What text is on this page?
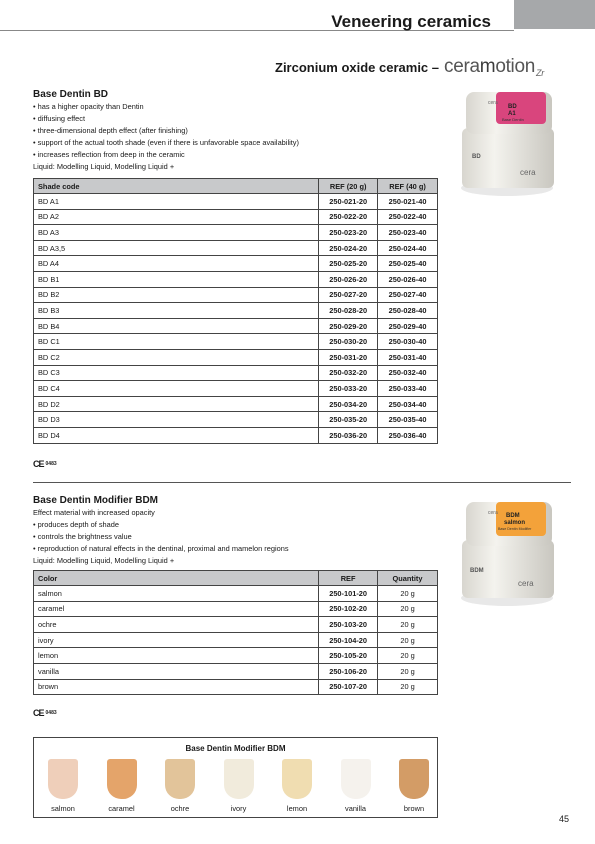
Veneering ceramics
Zirconium oxide ceramic – ceramotion$_{Zr}$
Base Dentin BD
• has a higher opacity than Dentin
• diffusing effect
• three-dimensional depth effect (after finishing)
• support of the actual tooth shade (even if there is unfavorable space availability)
• increases reflection from deep in the ceramic
Liquid: Modelling Liquid, Modelling Liquid +
cera
BD
A1
Base Dentin
BD
cera
Shade code	REF (20 g)	REF (40 g)
BD A1	250-021-20	250-021-40
BD A2	250-022-20	250-022-40
BD A3	250-023-20	250-023-40
BD A3,5	250-024-20	250-024-40
BD A4	250-025-20	250-025-40
BD B1	250-026-20	250-026-40
BD B2	250-027-20	250-027-40
BD B3	250-028-20	250-028-40
BD B4	250-029-20	250-029-40
BD C1	250-030-20	250-030-40
BD C2	250-031-20	250-031-40
BD C3	250-032-20	250-032-40
BD C4	250-033-20	250-033-40
BD D2	250-034-20	250-034-40
BD D3	250-035-20	250-035-40
BD D4	250-036-20	250-036-40
CE 0483
Base Dentin Modifier BDM
Effect material with increased opacity
• produces depth of shade
• controls the brightness value
• reproduction of natural effects in the dentinal, proximal and mamelon regions
Liquid: Modelling Liquid, Modelling Liquid +
cera BDM
salmon
Base Dentin Modifier
BDM
cera
Color	REF	Quantity
salmon	250-101-20	20 g
caramel	250-102-20	20 g
ochre	250-103-20	20 g
ivory	250-104-20	20 g
lemon	250-105-20	20 g
vanilla	250-106-20	20 g
brown	250-107-20	20 g
CE 0483
Base Dentin Modifier BDM
salmon	caramel	ochre	ivory	lemon	vanilla	brown
45
